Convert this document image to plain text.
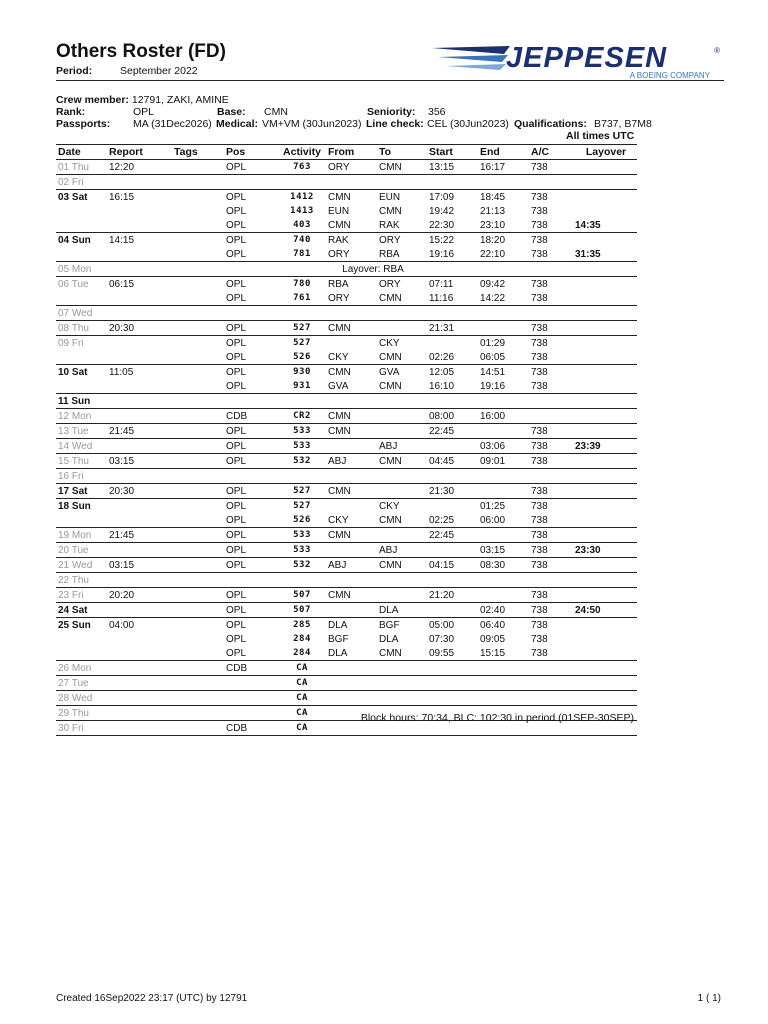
Others Roster (FD)
Period:	September 2022	JEPPESEN	®
A BOEING COMPANY
Crew member: 12791, ZAKI, AMINE
Rank:	OPL	Base: CMN	Seniority: 356
Passports: MA (31Dec2026) Medical: VM+VM (30Jun2023) Line check: CEL (30Jun2023) Qualifications: B737, B7M8
All times UTC
Date	Report	Tags	Pos	Activity	From	To	Start	End	A/C	Layover
01 Thu	12:20		OPL	763	ORY	CMN	13:15	16:17	738	
02 Fri										
03 Sat	16:15		OPL	1412	CMN	EUN	17:09	18:45	738	
			OPL	1413	EUN	CMN	19:42	21:13	738	
			OPL	403	CMN	RAK	22:30	23:10	738	14:35
04 Sun	14:15		OPL	740	RAK	ORY	15:22	18:20	738	
			OPL	781	ORY	RBA	19:16	22:10	738	31:35
05 Mon	Layover: RBA									
06 Tue	06:15		OPL	780	RBA	ORY	07:11	09:42	738	
			OPL	761	ORY	CMN	11:16	14:22	738	
07 Wed										
08 Thu	20:30		OPL	527	CMN		21:31		738	
09 Fri			OPL	527		CKY		01:29	738	
			OPL	526	CKY	CMN	02:26	06:05	738	
10 Sat	11:05		OPL	930	CMN	GVA	12:05	14:51	738	
			OPL	931	GVA	CMN	16:10	19:16	738	
11 Sun										
12 Mon			CDB	CR2	CMN		08:00	16:00		
13 Tue	21:45		OPL	533	CMN		22:45		738	
14 Wed			OPL	533		ABJ		03:06	738	23:39
15 Thu	03:15		OPL	532	ABJ	CMN	04:45	09:01	738	
16 Fri										
17 Sat	20:30		OPL	527	CMN		21:30		738	
18 Sun			OPL	527		CKY		01:25	738	
			OPL	526	CKY	CMN	02:25	06:00	738	
19 Mon	21:45		OPL	533	CMN		22:45		738	
20 Tue			OPL	533		ABJ		03:15	738	23:30
21 Wed	03:15		OPL	532	ABJ	CMN	04:15	08:30	738	
22 Thu										
23 Fri	20:20		OPL	507	CMN		21:20		738	
24 Sat			OPL	507		DLA		02:40	738	24:50
25 Sun	04:00		OPL	285	DLA	BGF	05:00	06:40	738	
			OPL	284	BGF	DLA	07:30	09:05	738	
			OPL	284	DLA	CMN	09:55	15:15	738	
26 Mon			CDB	CA						
27 Tue				CA						
28 Wed				CA						
29 Thu				CA						
30 Fri			CDB	CA						
Block hours: 70:34, BLC: 102:30 in period (01SEP-30SEP)
Created 16Sep2022 23:17 (UTC) by 12791	1 ( 1)
